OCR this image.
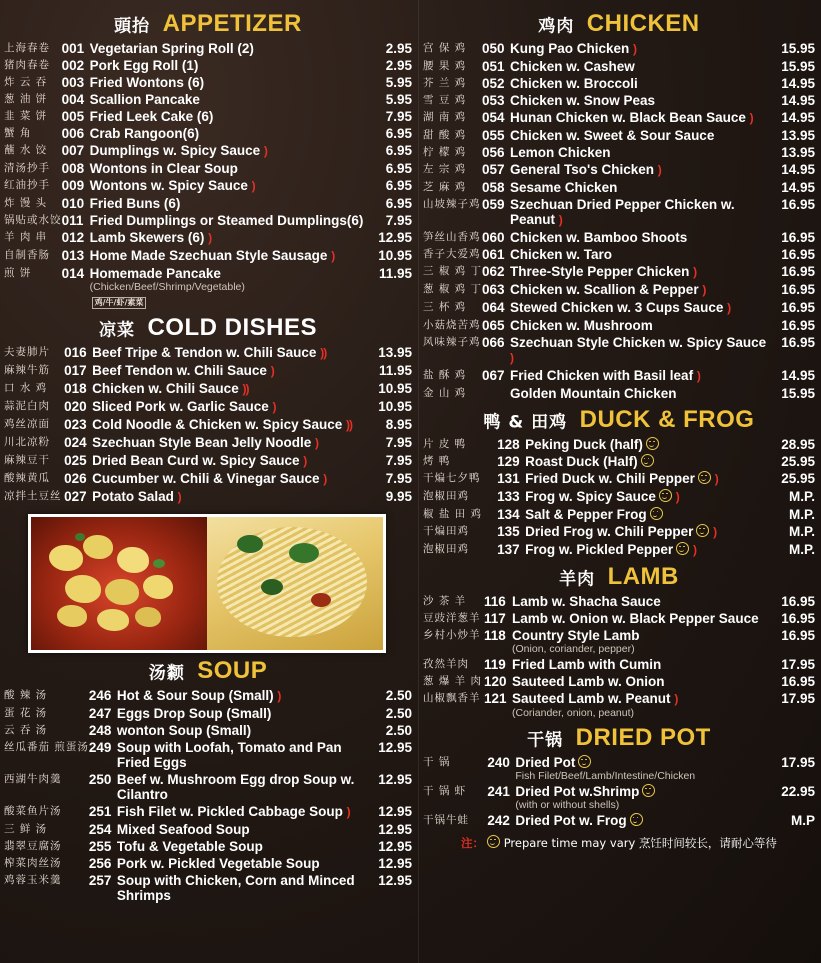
頭抬 APPETIZER
上海春卷	001	Vegetarian Spring Roll (2)	2.95
猪肉春卷	002	Pork Egg Roll (1)	2.95
炸 云 吞	003	Fried Wontons (6)	5.95
葱 油 饼	004	Scallion Pancake	5.95
韭 菜 饼	005	Fried Leek Cake (6)	7.95
蟹 角	006	Crab Rangoon(6)	6.95
蘸 水 饺	007	Dumplings w. Spicy Sauce )	6.95
清汤抄手	008	Wontons in Clear Soup	6.95
红油抄手	009	Wontons w. Spicy Sauce )	6.95
炸 馒 头	010	Fried Buns (6)	6.95
锅贴或水饺	011	Fried Dumplings or Steamed Dumplings(6)	7.95
羊 肉 串	012	Lamb Skewers (6) )	12.95
自制香肠	013	Home Made Szechuan Style Sausage )	10.95
煎 饼	014	Homemade Pancake
(Chicken/Beef/Shrimp/Vegetable)
鸡/牛/虾/素菜	11.95
凉菜 COLD DISHES
夫妻肺片	016	Beef Tripe & Tendon w. Chili Sauce ))	13.95
麻辣牛筋	017	Beef Tendon w. Chili Sauce )	11.95
口 水 鸡	018	Chicken w. Chili Sauce ))	10.95
蒜泥白肉	020	Sliced Pork w. Garlic Sauce )	10.95
鸡丝凉面	023	Cold Noodle & Chicken w. Spicy Sauce ))	8.95
川北凉粉	024	Szechuan Style Bean Jelly Noodle )	7.95
麻辣豆干	025	Dried Bean Curd w. Spicy Sauce )	7.95
酸辣黄瓜	026	Cucumber w. Chili & Vinegar Sauce )	7.95
凉拌土豆丝	027	Potato Salad )	9.95
汤颣 SOUP
酸 辣 汤	246	Hot & Sour Soup (Small) )	2.50
蛋 花 汤	247	Eggs Drop Soup (Small)	2.50
云 吞 汤	248	wonton Soup (Small)	2.50
丝瓜番茄 煎蛋汤	249	Soup with Loofah, Tomato and Pan Fried Eggs	12.95
西湖牛肉羹	250	Beef w. Mushroom Egg drop Soup w. Cilantro	12.95
酸菜鱼片汤	251	Fish Filet w. Pickled Cabbage Soup )	12.95
三 鲜 汤	254	Mixed Seafood Soup	12.95
翡翠豆腐汤	255	Tofu & Vegetable Soup	12.95
榨菜肉丝汤	256	Pork w. Pickled Vegetable Soup	12.95
鸡蓉玉米羹	257	Soup with Chicken, Corn and Minced Shrimps	12.95
鸡肉 CHICKEN
宫 保 鸡	050	Kung Pao Chicken )	15.95
腰 果 鸡	051	Chicken w. Cashew	15.95
芥 兰 鸡	052	Chicken w. Broccoli	14.95
雪 豆 鸡	053	Chicken w. Snow Peas	14.95
湖 南 鸡	054	Hunan Chicken w. Black Bean Sauce )	14.95
甜 酸 鸡	055	Chicken w. Sweet & Sour Sauce	13.95
柠 檬 鸡	056	Lemon Chicken	13.95
左 宗 鸡	057	General Tso's Chicken )	14.95
芝 麻 鸡	058	Sesame Chicken	14.95
山坡辣子鸡	059	Szechuan Dried Pepper Chicken w. Peanut )	16.95
笋丝山香鸡	060	Chicken w. Bamboo Shoots	16.95
香子大爱鸡	061	Chicken w. Taro	16.95
三 椒 鸡 丁	062	Three-Style Pepper Chicken )	16.95
葱 椒 鸡 丁	063	Chicken w. Scallion & Pepper )	16.95
三 杯 鸡	064	Stewed Chicken w. 3 Cups Sauce )	16.95
小菇烧苦鸡	065	Chicken w. Mushroom	16.95
风味辣子鸡	066	Szechuan Style Chicken w. Spicy Sauce )	16.95
盐 酥 鸡	067	Fried Chicken with Basil leaf )	14.95
金 山 鸡		Golden Mountain Chicken	15.95
鸭 & 田鸡 DUCK & FROG
片 皮 鸭	128	Peking Duck (half)	28.95
烤 鸭	129	Roast Duck (Half)	25.95
干煸七夕鸭	131	Fried Duck w. Chili Pepper )	25.95
泡椒田鸡	133	Frog w. Spicy Sauce )	M.P.
椒 盐 田 鸡	134	Salt & Pepper Frog	M.P.
干煸田鸡	135	Dried Frog w. Chili Pepper )	M.P.
泡椒田鸡	137	Frog w. Pickled Pepper )	M.P.
羊肉 LAMB
沙 茶 羊	116	Lamb w. Shacha Sauce	16.95
豆豉洋葱羊	117	Lamb w. Onion w. Black Pepper Sauce	16.95
乡村小炒羊	118	Country Style Lamb
(Onion, coriander, pepper)	16.95
孜然羊肉	119	Fried Lamb with Cumin	17.95
葱 爆 羊 肉	120	Sauteed Lamb w. Onion	16.95
山椒飘香羊	121	Sauteed Lamb w. Peanut )
(Coriander, onion, peanut)	17.95
干锅 DRIED POT
干 锅	240	Dried Pot
Fish Filet/Beef/Lamb/Intestine/Chicken	17.95
干 锅 虾	241	Dried Pot w.Shrimp
(with or without shells)	22.95
干锅牛蛙	242	Dried Pot w. Frog	M.P
注： Prepare time may vary 烹饪时间较长，请耐心等待
